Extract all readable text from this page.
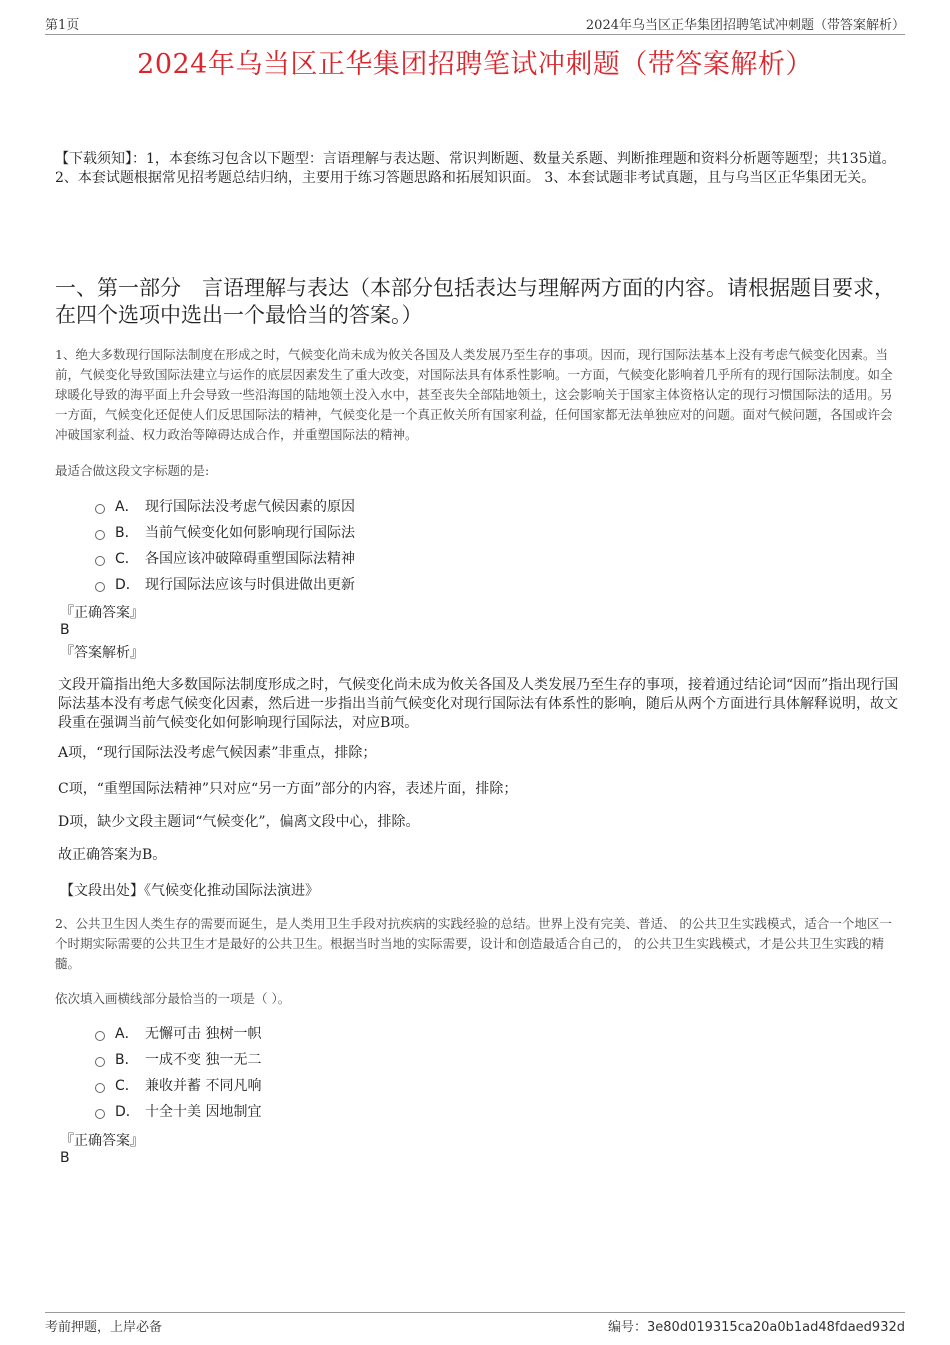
第1页	2024年乌当区正华集团招聘笔试冲刺题（带答案解析）
2024年乌当区正华集团招聘笔试冲刺题（带答案解析）
【下载须知】：1，本套练习包含以下题型：言语理解与表达题、常识判断题、数量关系题、判断推理题和资料分析题等题型；共135道。 2、本套试题根据常见招考题总结归纳，主要用于练习答题思路和拓展知识面。 3、本套试题非考试真题，且与乌当区正华集团无关。
一、第一部分　言语理解与表达（本部分包括表达与理解两方面的内容。请根据题目要求，在四个选项中选出一个最恰当的答案。）

1、绝大多数现行国际法制度在形成之时，气候变化尚未成为攸关各国及人类发展乃至生存的事项。因而，现行国际法基本上没有考虑气候变化因素。当前，气候变化导致国际法建立与运作的底层因素发生了重大改变，对国际法具有体系性影响。一方面，气候变化影响着几乎所有的现行国际法制度。如全球暖化导致的海平面上升会导致一些沿海国的陆地领土没入水中，甚至丧失全部陆地领土，这会影响关于国家主体资格认定的现行习惯国际法的适用。另一方面，气候变化还促使人们反思国际法的精神，气候变化是一个真正攸关所有国家利益，任何国家都无法单独应对的问题。面对气候问题，各国或许会冲破国家利益、权力政治等障碍达成合作，并重塑国际法的精神。

最适合做这段文字标题的是:
A． 现行国际法没考虑气候因素的原因
B． 当前气候变化如何影响现行国际法
C． 各国应该冲破障碍重塑国际法精神
D． 现行国际法应该与时俱进做出更新
『正确答案』
B
『答案解析』
文段开篇指出绝大多数国际法制度形成之时，气候变化尚未成为攸关各国及人类发展乃至生存的事项，接着通过结论词“因而”指出现行国际法基本没有考虑气候变化因素，然后进一步指出当前气候变化对现行国际法有体系性的影响，随后从两个方面进行具体解释说明，故文段重在强调当前气候变化如何影响现行国际法，对应B项。
A项，“现行国际法没考虑气候因素”非重点，排除；
C项，“重塑国际法精神”只对应“另一方面”部分的内容，表述片面，排除；
D项，缺少文段主题词“气候变化”，偏离文段中心，排除。
故正确答案为B。
【文段出处】《气候变化推动国际法演进》

2、公共卫生因人类生存的需要而诞生，是人类用卫生手段对抗疾病的实践经验的总结。世界上没有完美、普适、 的公共卫生实践模式，适合一个地区一个时期实际需要的公共卫生才是最好的公共卫生。根据当时当地的实际需要，设计和创造最适合自己的， 的公共卫生实践模式，才是公共卫生实践的精髓。

依次填入画横线部分最恰当的一项是（ ）。
A． 无懈可击 独树一帜
B． 一成不变 独一无二
C． 兼收并蓄 不同凡响
D． 十全十美 因地制宜
『正确答案』
B
考前押题，上岸必备	编号：3e80d019315ca20a0b1ad48fdaed932d
